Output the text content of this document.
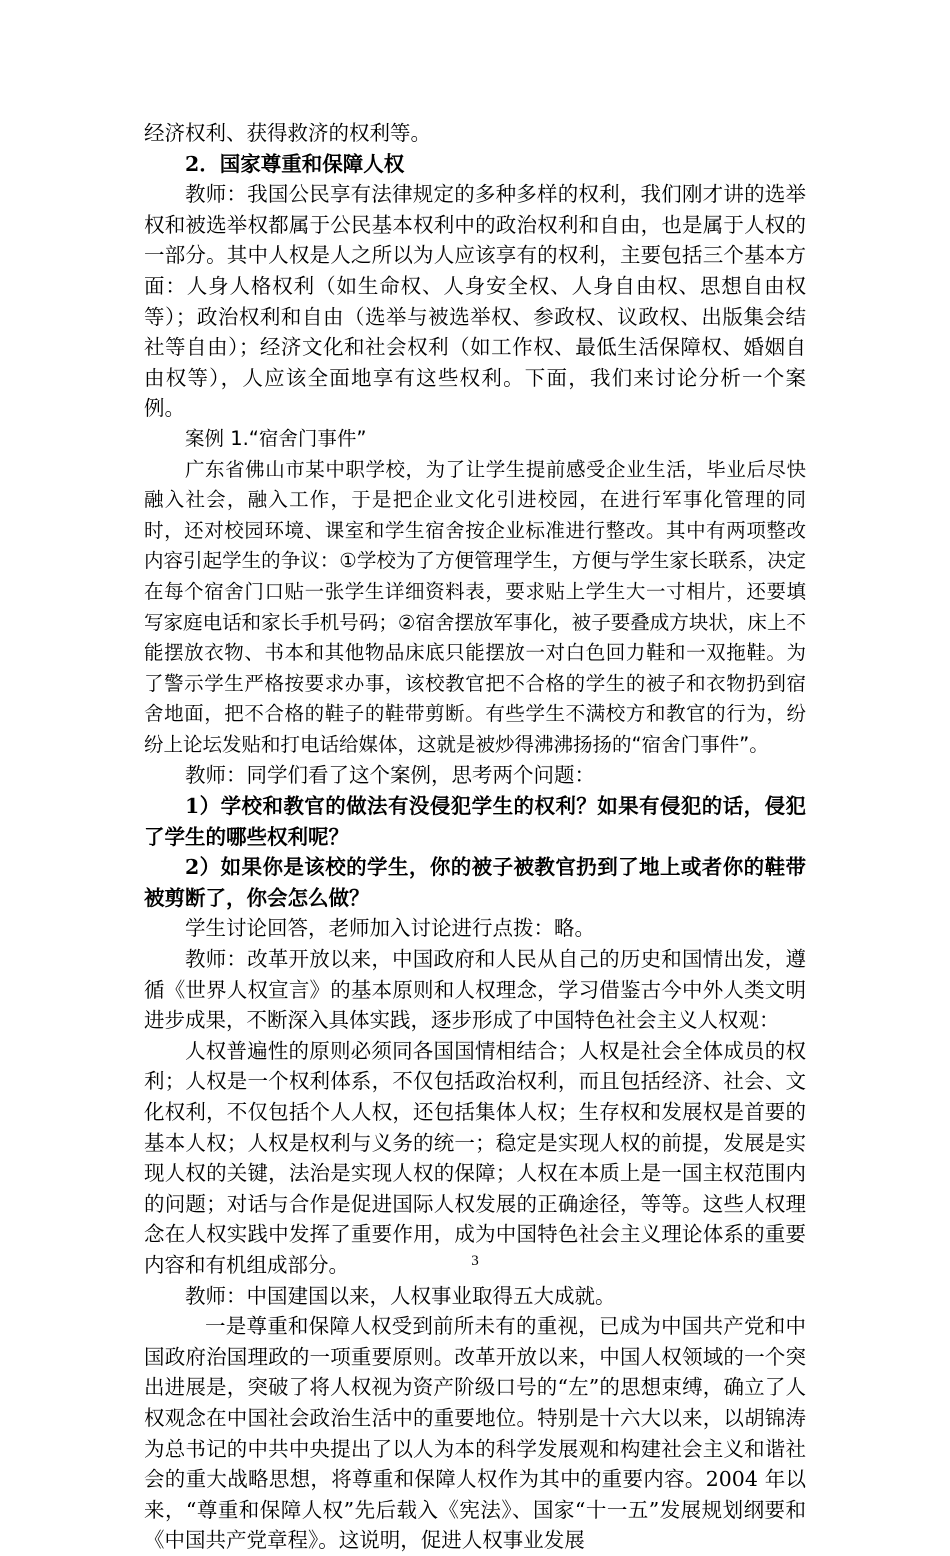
经济权利、获得救济的权利等。

2．国家尊重和保障人权

教师：我国公民享有法律规定的多种多样的权利，我们刚才讲的选举权和被选举权都属于公民基本权利中的政治权利和自由，也是属于人权的一部分。其中人权是人之所以为人应该享有的权利，主要包括三个基本方面：人身人格权利（如生命权、人身安全权、人身自由权、思想自由权等）；政治权利和自由（选举与被选举权、参政权、议政权、出版集会结社等自由）；经济文化和社会权利（如工作权、最低生活保障权、婚姻自由权等），人应该全面地享有这些权利。下面，我们来讨论分析一个案例。

案例 1.“宿舍门事件”

广东省佛山市某中职学校，为了让学生提前感受企业生活，毕业后尽快融入社会，融入工作，于是把企业文化引进校园，在进行军事化管理的同时，还对校园环境、课室和学生宿舍按企业标准进行整改。其中有两项整改内容引起学生的争议：①学校为了方便管理学生，方便与学生家长联系，决定在每个宿舍门口贴一张学生详细资料表，要求贴上学生大一寸相片，还要填写家庭电话和家长手机号码；②宿舍摆放军事化，被子要叠成方块状，床上不能摆放衣物、书本和其他物品床底只能摆放一对白色回力鞋和一双拖鞋。为了警示学生严格按要求办事，该校教官把不合格的学生的被子和衣物扔到宿舍地面，把不合格的鞋子的鞋带剪断。有些学生不满校方和教官的行为，纷纷上论坛发贴和打电话给媒体，这就是被炒得沸沸扬扬的“宿舍门事件”。

教师：同学们看了这个案例，思考两个问题：

1）学校和教官的做法有没侵犯学生的权利？如果有侵犯的话，侵犯了学生的哪些权利呢？

2）如果你是该校的学生，你的被子被教官扔到了地上或者你的鞋带被剪断了，你会怎么做？

学生讨论回答，老师加入讨论进行点拨：略。

教师：改革开放以来，中国政府和人民从自己的历史和国情出发，遵循《世界人权宣言》的基本原则和人权理念，学习借鉴古今中外人类文明进步成果，不断深入具体实践，逐步形成了中国特色社会主义人权观：

人权普遍性的原则必须同各国国情相结合；人权是社会全体成员的权利；人权是一个权利体系，不仅包括政治权利，而且包括经济、社会、文化权利，不仅包括个人人权，还包括集体人权；生存权和发展权是首要的基本人权；人权是权利与义务的统一；稳定是实现人权的前提，发展是实现人权的关键，法治是实现人权的保障；人权在本质上是一国主权范围内的问题；对话与合作是促进国际人权发展的正确途径，等等。这些人权理念在人权实践中发挥了重要作用，成为中国特色社会主义理论体系的重要内容和有机组成部分。

教师：中国建国以来，人权事业取得五大成就。

一是尊重和保障人权受到前所未有的重视，已成为中国共产党和中国政府治国理政的一项重要原则。改革开放以来，中国人权领域的一个突出进展是，突破了将人权视为资产阶级口号的“左”的思想束缚，确立了人权观念在中国社会政治生活中的重要地位。特别是十六大以来，以胡锦涛为总书记的中共中央提出了以人为本的科学发展观和构建社会主义和谐社会的重大战略思想，将尊重和保障人权作为其中的重要内容。2004 年以来，“尊重和保障人权”先后载入《宪法》、国家“十一五”发展规划纲要和《中国共产党章程》。这说明，促进人权事业发展

3
